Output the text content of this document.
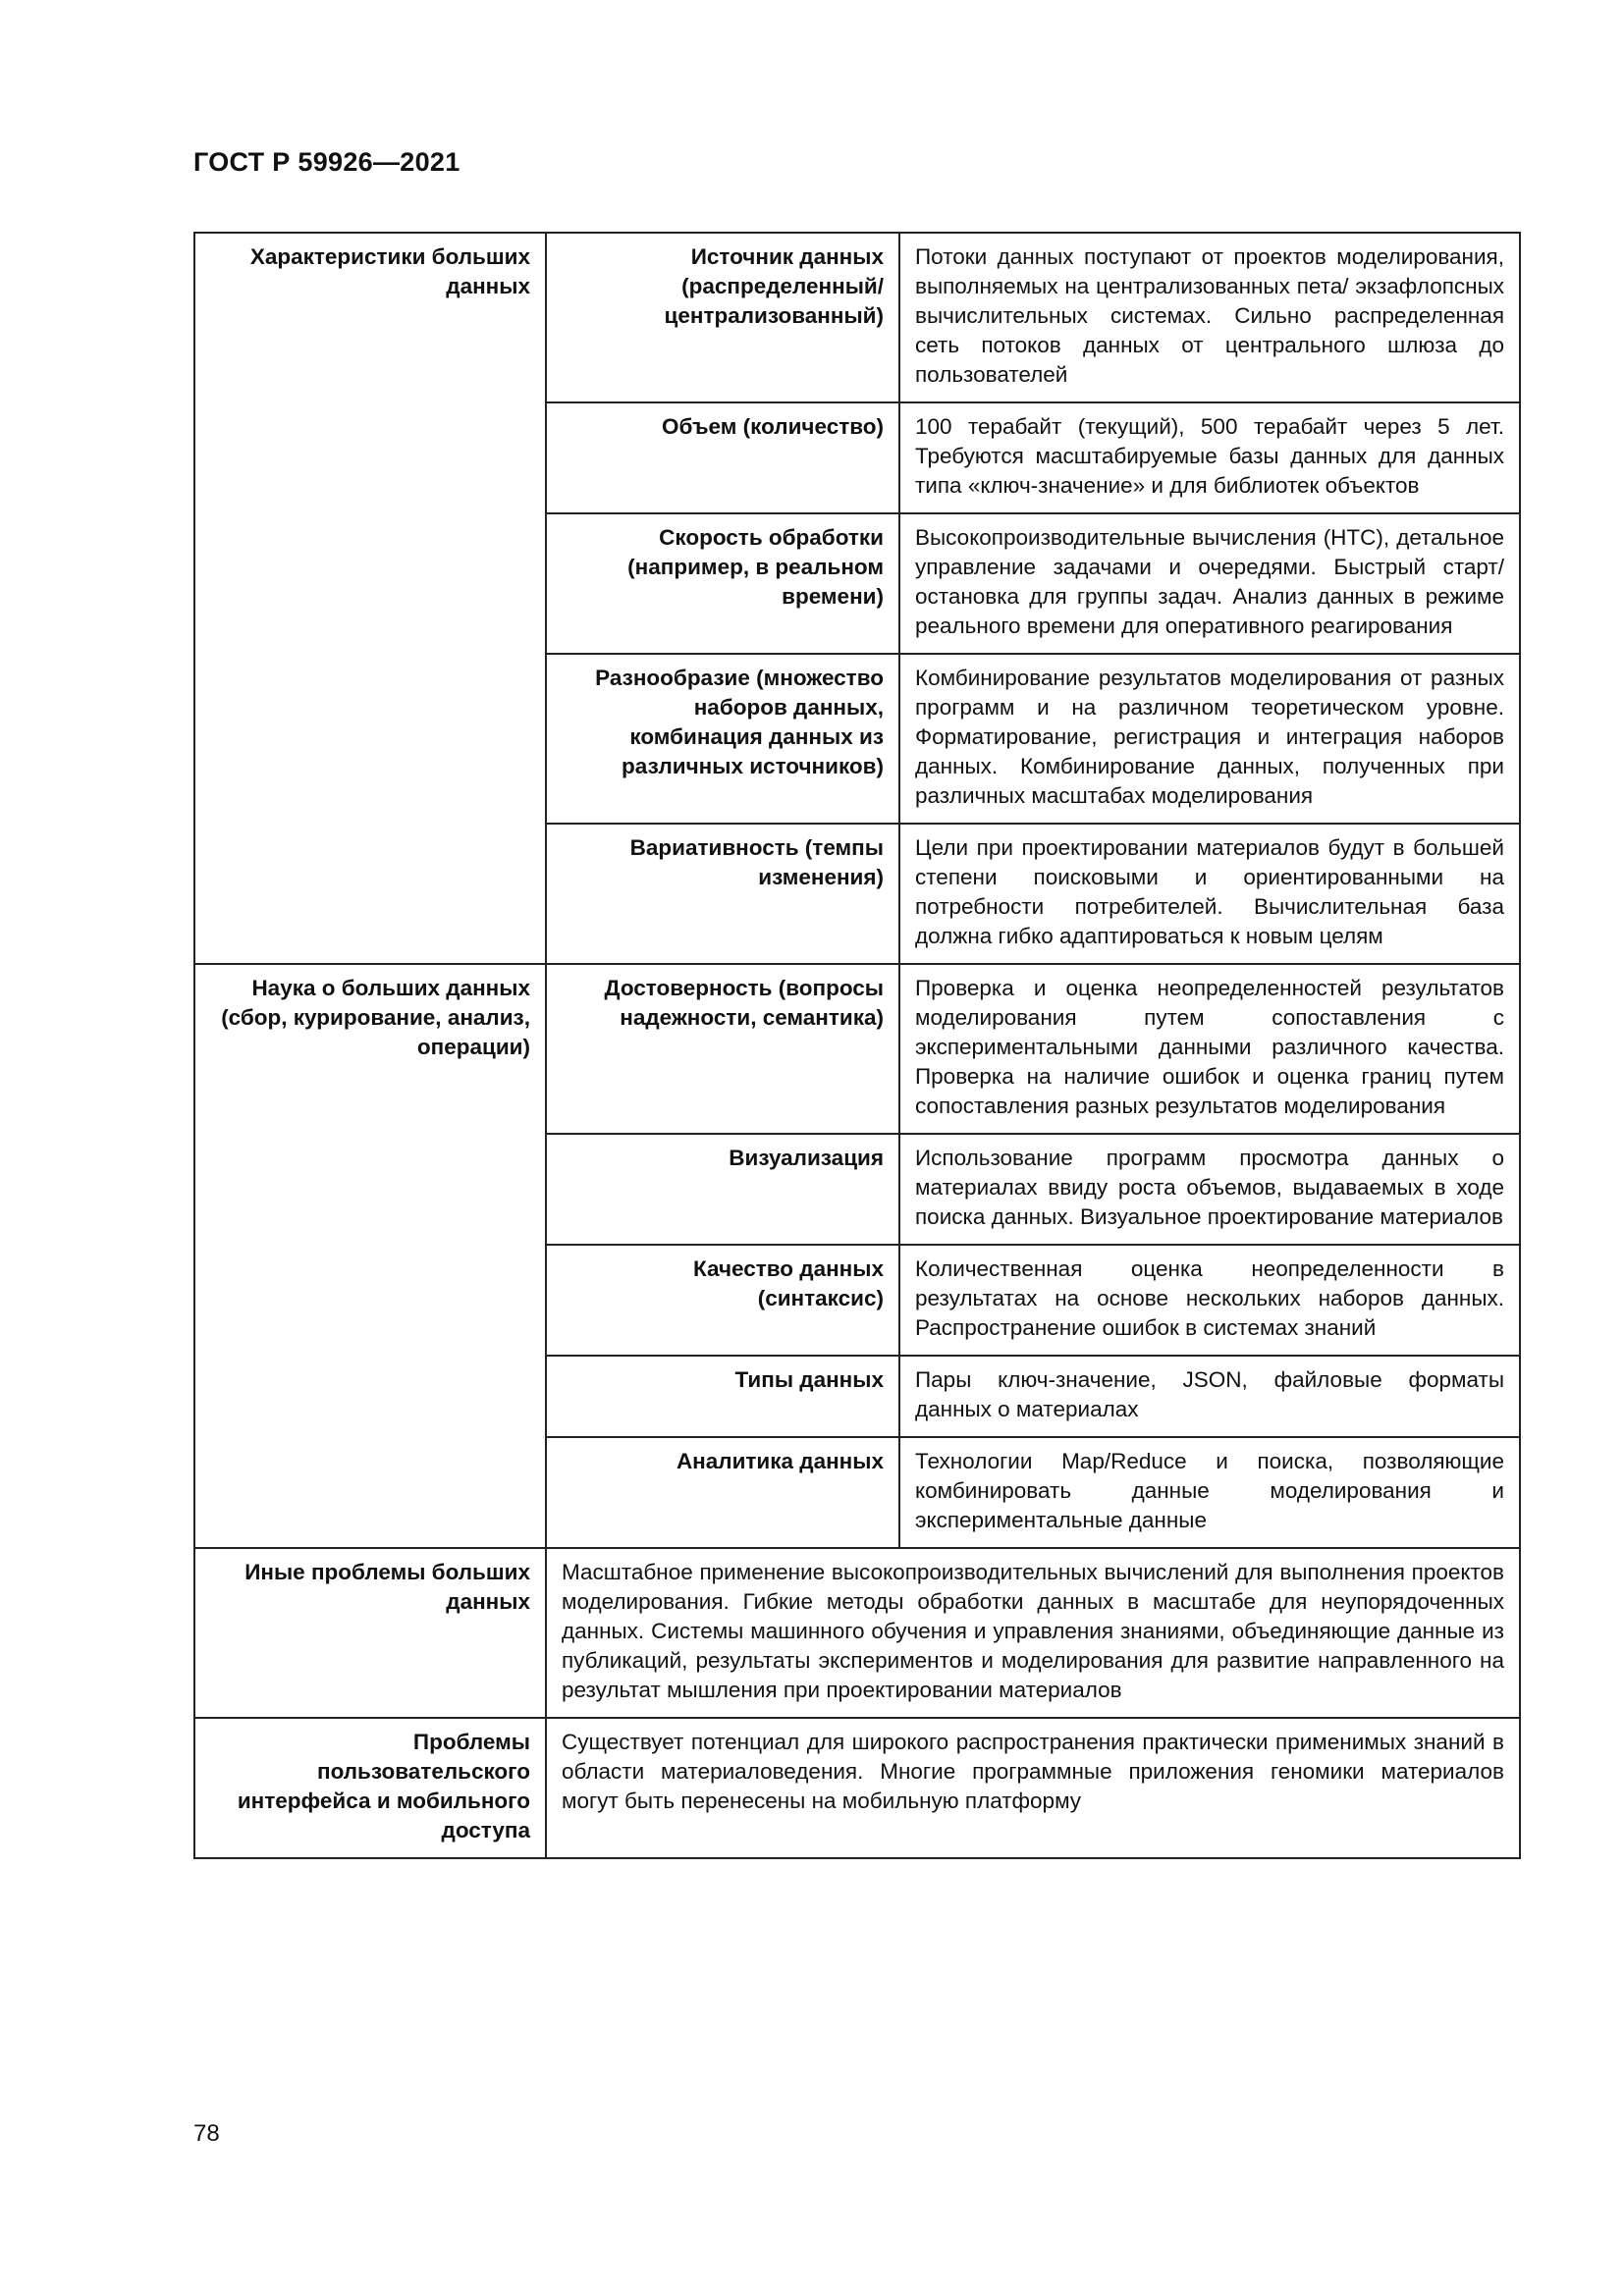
ГОСТ Р 59926—2021
Характеристики больших данных	Источник данных (распределенный/ централизованный)	Потоки данных поступают от проектов моделирования, выполняемых на централизованных пета/ экзафлопсных вычислительных системах. Сильно распределенная сеть потоков данных от центрального шлюза до пользователей

	Объем (количество)	100 терабайт (текущий), 500 терабайт через 5 лет. Требуются масштабируемые базы данных для данных типа «ключ-значение» и для библиотек объектов

	Скорость обработки (например, в реальном времени)	Высокопроизводительные вычисления (НТС), детальное управление задачами и очередями. Быстрый старт/остановка для группы задач. Анализ данных в режиме реального времени для оперативного реагирования

	Разнообразие (множество наборов данных, комбинация данных из различных источников)	Комбинирование результатов моделирования от разных программ и на различном теоретическом уровне. Форматирование, регистрация и интеграция наборов данных. Комбинирование данных, полученных при различных масштабах моделирования

	Вариативность (темпы изменения)	Цели при проектировании материалов будут в большей степени поисковыми и ориентированными на потребности потребителей. Вычислительная база должна гибко адаптироваться к новым целям

Наука о больших данных (сбор, курирование, анализ, операции)	Достоверность (вопросы надежности, семантика)	Проверка и оценка неопределенностей результатов моделирования путем сопоставления с экспериментальными данными различного качества. Проверка на наличие ошибок и оценка границ путем сопоставления разных результатов моделирования

	Визуализация	Использование программ просмотра данных о материалах ввиду роста объемов, выдаваемых в ходе поиска данных. Визуальное проектирование материалов

	Качество данных (синтаксис)	Количественная оценка неопределенности в результатах на основе нескольких наборов данных. Распространение ошибок в системах знаний

	Типы данных	Пары ключ-значение, JSON, файловые форматы данных о материалах

	Аналитика данных	Технологии Map/Reduce и поиска, позволяющие комбинировать данные моделирования и экспериментальные данные

Иные проблемы больших данных	Масштабное применение высокопроизводительных вычислений для выполнения проектов моделирования. Гибкие методы обработки данных в масштабе для неупорядоченных данных. Системы машинного обучения и управления знаниями, объединяющие данные из публикаций, результаты экспериментов и моделирования для развитие направленного на результат мышления при проектировании материалов	

Проблемы пользовательского интерфейса и мобильного доступа	Существует потенциал для широкого распространения практически применимых знаний в области материаловедения. Многие программные приложения геномики материалов могут быть перенесены на мобильную платформу	
78
